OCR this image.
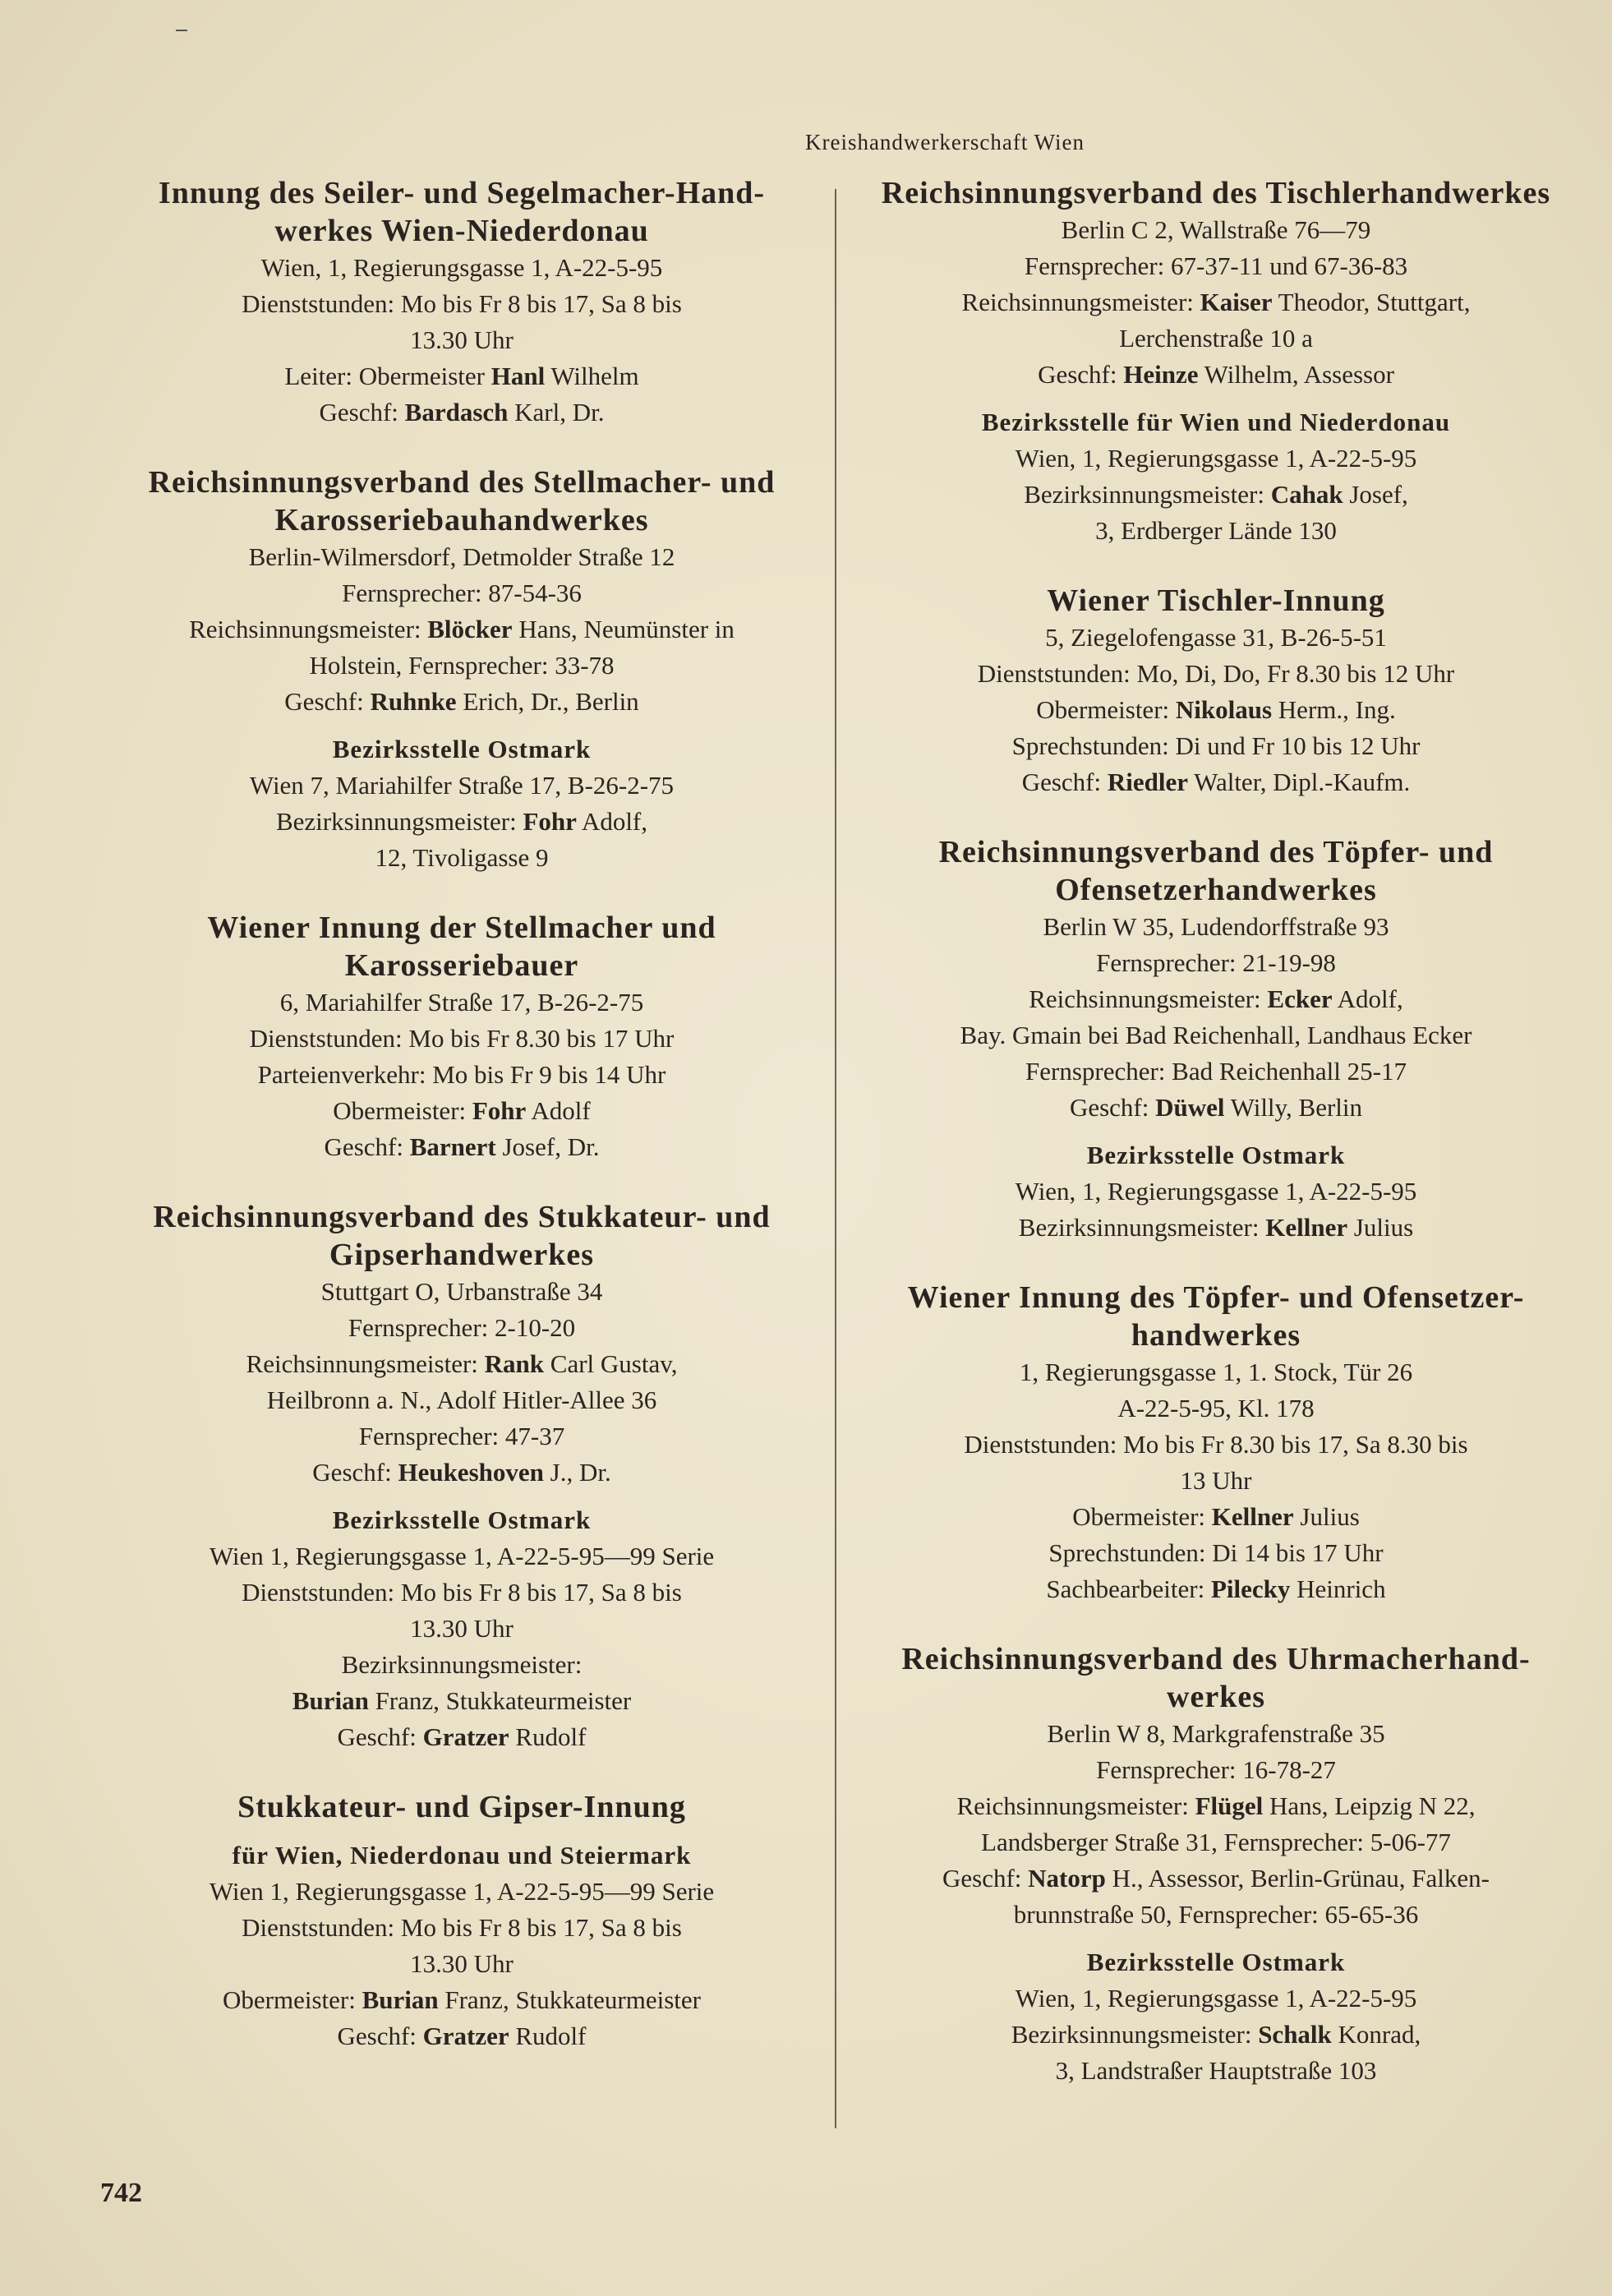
Kreishandwerkerschaft Wien
Innung des Seiler- und Segelmacher-Hand-
werkes Wien-Niederdonau
Wien, 1, Regierungsgasse 1, A-22-5-95
Dienststunden: Mo bis Fr 8 bis 17, Sa 8 bis
13.30 Uhr
Leiter: Obermeister Hanl Wilhelm
Geschf: Bardasch Karl, Dr.
Reichsinnungsverband des Stellmacher- und
Karosseriebauhandwerkes
Berlin-Wilmersdorf, Detmolder Straße 12
Fernsprecher: 87-54-36
Reichsinnungsmeister: Blöcker Hans, Neumünster in
Holstein, Fernsprecher: 33-78
Geschf: Ruhnke Erich, Dr., Berlin
Bezirksstelle Ostmark
Wien 7, Mariahilfer Straße 17, B-26-2-75
Bezirksinnungsmeister: Fohr Adolf,
12, Tivoligasse 9
Wiener Innung der Stellmacher und
Karosseriebauer
6, Mariahilfer Straße 17, B-26-2-75
Dienststunden: Mo bis Fr 8.30 bis 17 Uhr
Parteienverkehr: Mo bis Fr 9 bis 14 Uhr
Obermeister: Fohr Adolf
Geschf: Barnert Josef, Dr.
Reichsinnungsverband des Stukkateur- und
Gipserhandwerkes
Stuttgart O, Urbanstraße 34
Fernsprecher: 2-10-20
Reichsinnungsmeister: Rank Carl Gustav,
Heilbronn a. N., Adolf Hitler-Allee 36
Fernsprecher: 47-37
Geschf: Heukeshoven J., Dr.
Bezirksstelle Ostmark
Wien 1, Regierungsgasse 1, A-22-5-95—99 Serie
Dienststunden: Mo bis Fr 8 bis 17, Sa 8 bis
13.30 Uhr
Bezirksinnungsmeister:
Burian Franz, Stukkateurmeister
Geschf: Gratzer Rudolf
Stukkateur- und Gipser-Innung
für Wien, Niederdonau und Steiermark
Wien 1, Regierungsgasse 1, A-22-5-95—99 Serie
Dienststunden: Mo bis Fr 8 bis 17, Sa 8 bis
13.30 Uhr
Obermeister: Burian Franz, Stukkateurmeister
Geschf: Gratzer Rudolf
Reichsinnungsverband des Tischlerhandwerkes
Berlin C 2, Wallstraße 76—79
Fernsprecher: 67-37-11 und 67-36-83
Reichsinnungsmeister: Kaiser Theodor, Stuttgart,
Lerchenstraße 10 a
Geschf: Heinze Wilhelm, Assessor
Bezirksstelle für Wien und Niederdonau
Wien, 1, Regierungsgasse 1, A-22-5-95
Bezirksinnungsmeister: Cahak Josef,
3, Erdberger Lände 130
Wiener Tischler-Innung
5, Ziegelofengasse 31, B-26-5-51
Dienststunden: Mo, Di, Do, Fr 8.30 bis 12 Uhr
Obermeister: Nikolaus Herm., Ing.
Sprechstunden: Di und Fr 10 bis 12 Uhr
Geschf: Riedler Walter, Dipl.-Kaufm.
Reichsinnungsverband des Töpfer- und
Ofensetzerhandwerkes
Berlin W 35, Ludendorffstraße 93
Fernsprecher: 21-19-98
Reichsinnungsmeister: Ecker Adolf,
Bay. Gmain bei Bad Reichenhall, Landhaus Ecker
Fernsprecher: Bad Reichenhall 25-17
Geschf: Düwel Willy, Berlin
Bezirksstelle Ostmark
Wien, 1, Regierungsgasse 1, A-22-5-95
Bezirksinnungsmeister: Kellner Julius
Wiener Innung des Töpfer- und Ofensetzer-
handwerkes
1, Regierungsgasse 1, 1. Stock, Tür 26
A-22-5-95, Kl. 178
Dienststunden: Mo bis Fr 8.30 bis 17, Sa 8.30 bis
13 Uhr
Obermeister: Kellner Julius
Sprechstunden: Di 14 bis 17 Uhr
Sachbearbeiter: Pilecky Heinrich
Reichsinnungsverband des Uhrmacherhand-
werkes
Berlin W 8, Markgrafenstraße 35
Fernsprecher: 16-78-27
Reichsinnungsmeister: Flügel Hans, Leipzig N 22,
Landsberger Straße 31, Fernsprecher: 5-06-77
Geschf: Natorp H., Assessor, Berlin-Grünau, Falken-
brunnstraße 50, Fernsprecher: 65-65-36
Bezirksstelle Ostmark
Wien, 1, Regierungsgasse 1, A-22-5-95
Bezirksinnungsmeister: Schalk Konrad,
3, Landstraßer Hauptstraße 103
742
